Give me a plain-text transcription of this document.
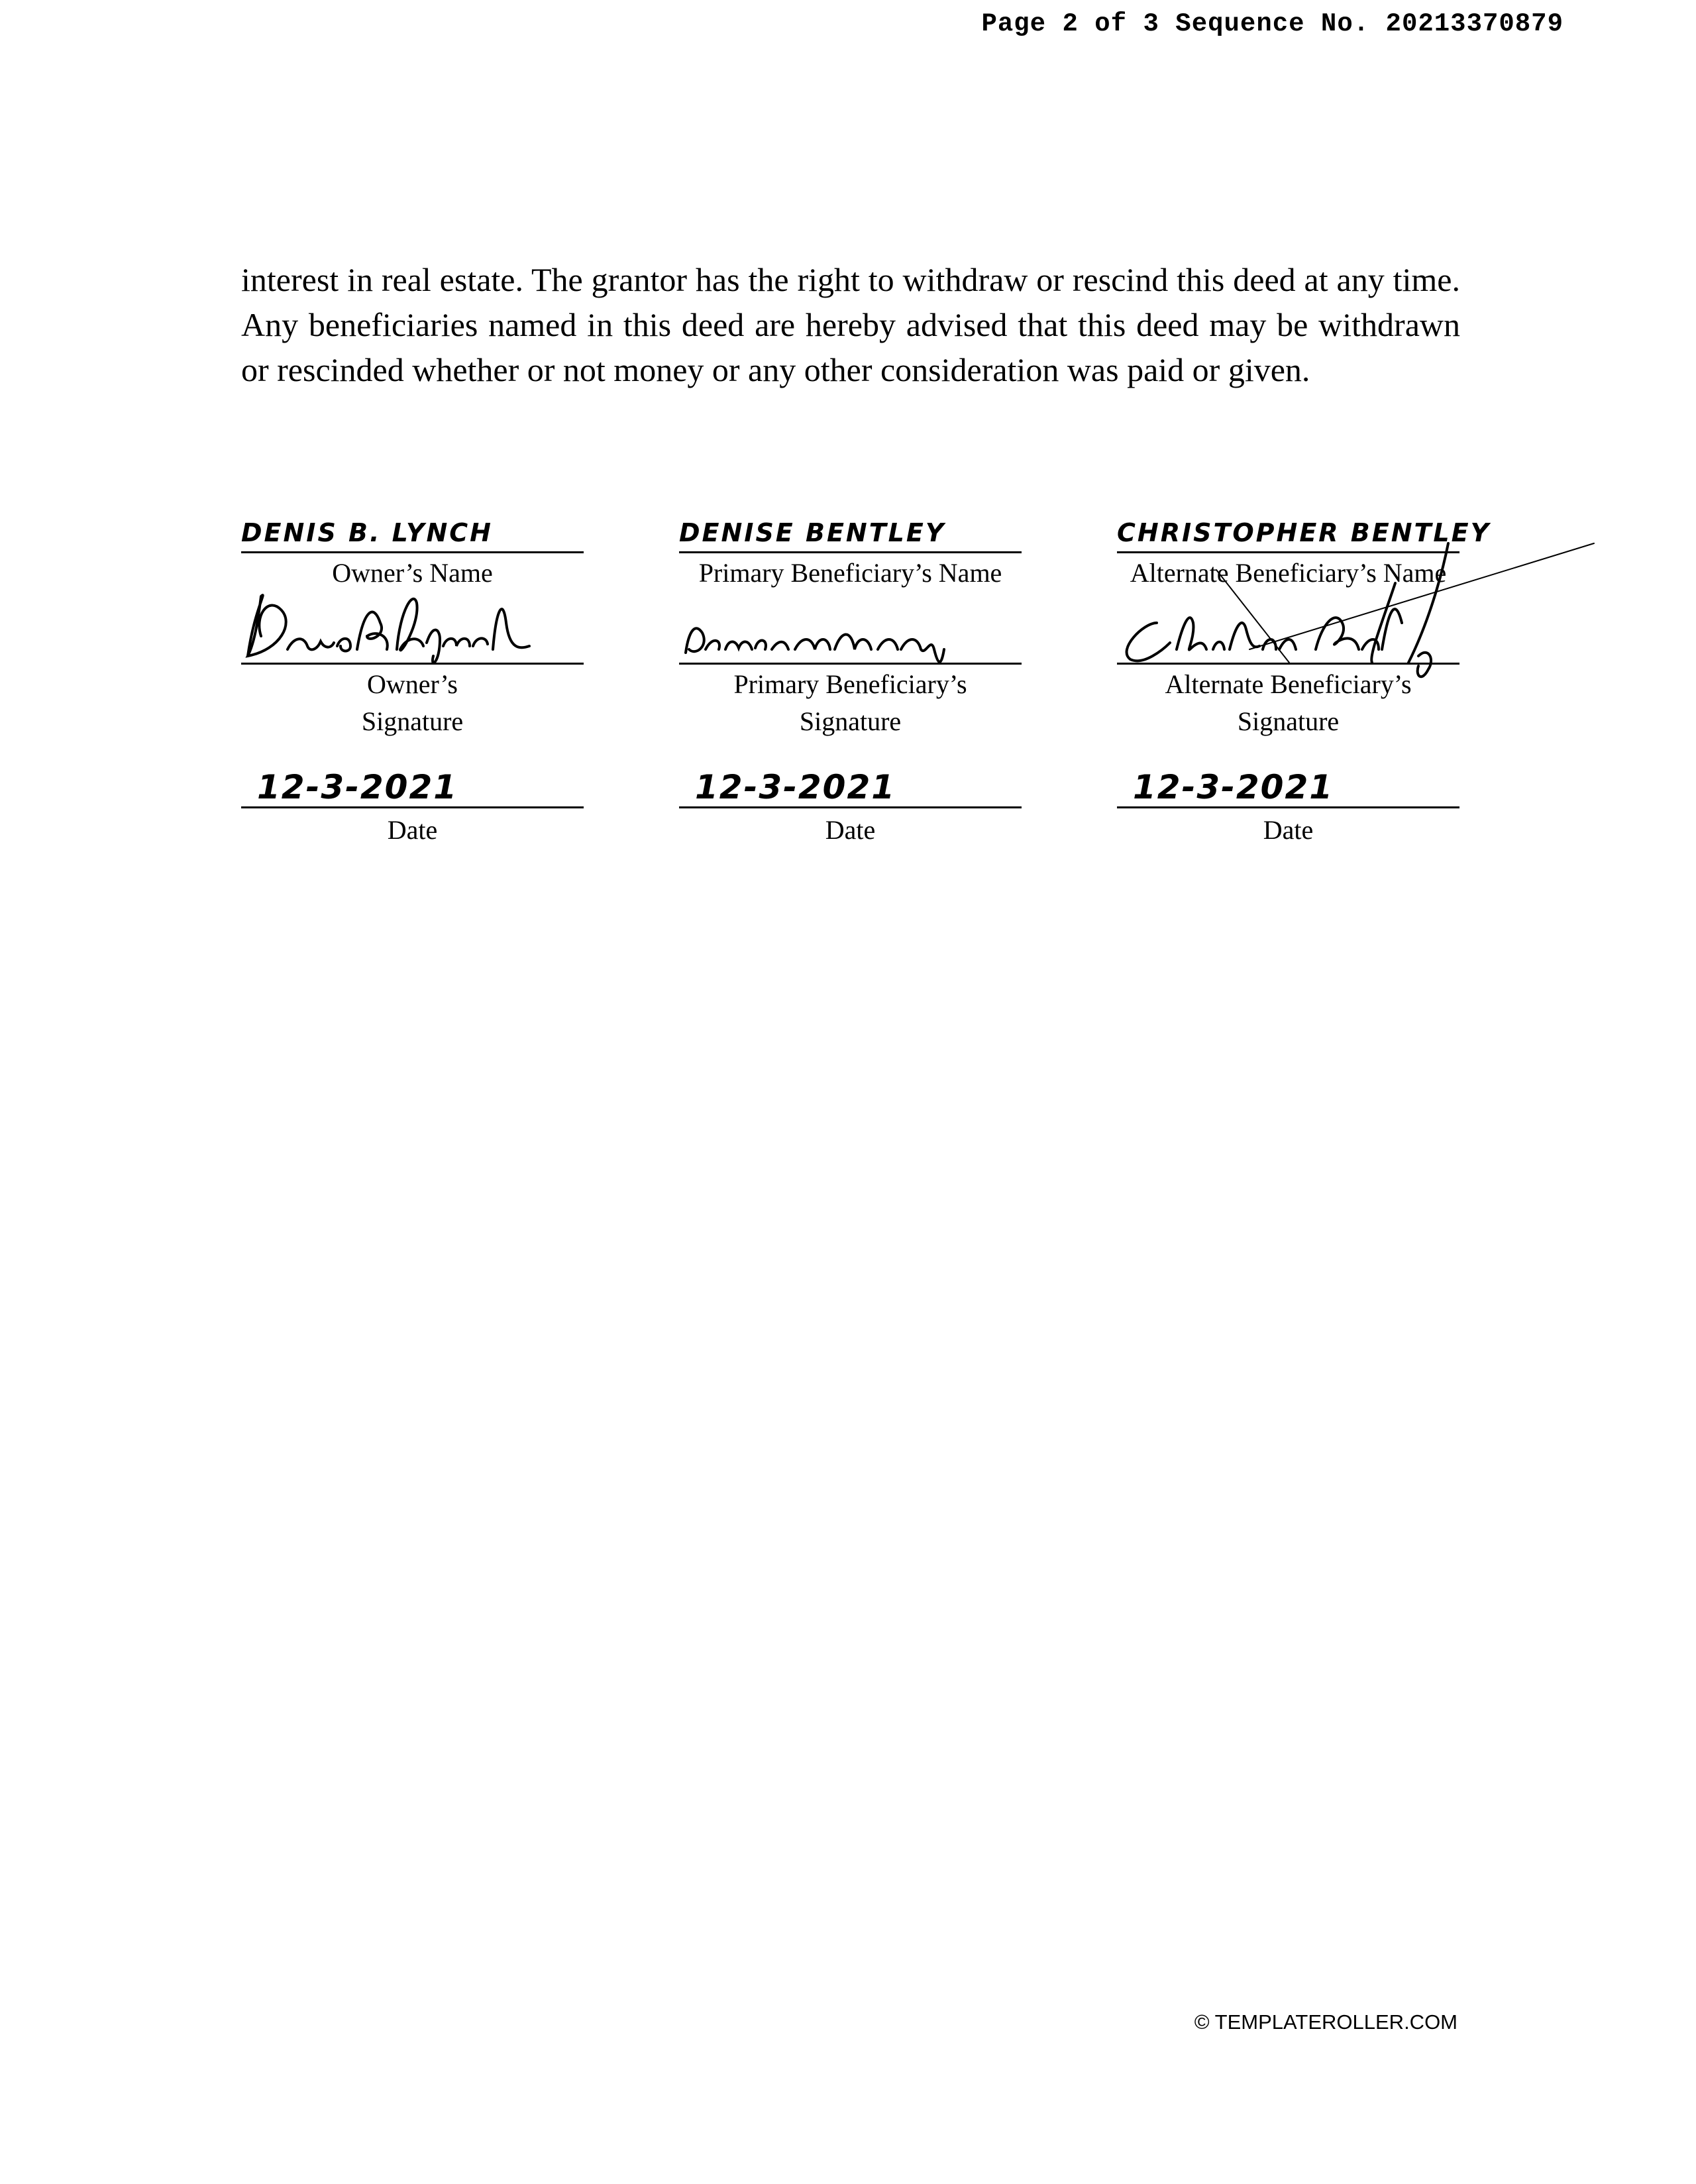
Page 2 of 3 Sequence No. 20213370879

interest in real estate. The grantor has the right to withdraw or rescind this deed at any time. Any beneficiaries named in this deed are hereby advised that this deed may be withdrawn or rescinded whether or not money or any other consideration was paid or given.

DENIS B. LYNCH
Owner’s Name
Owner’s
Signature
12-3-2021
Date
DENISE BENTLEY
Primary Beneficiary’s Name
Primary Beneficiary’s
Signature
12-3-2021
Date
CHRISTOPHER BENTLEY
Alternate Beneficiary’s Name
Alternate Beneficiary’s
Signature
12-3-2021
Date
© TEMPLATEROLLER.COM
